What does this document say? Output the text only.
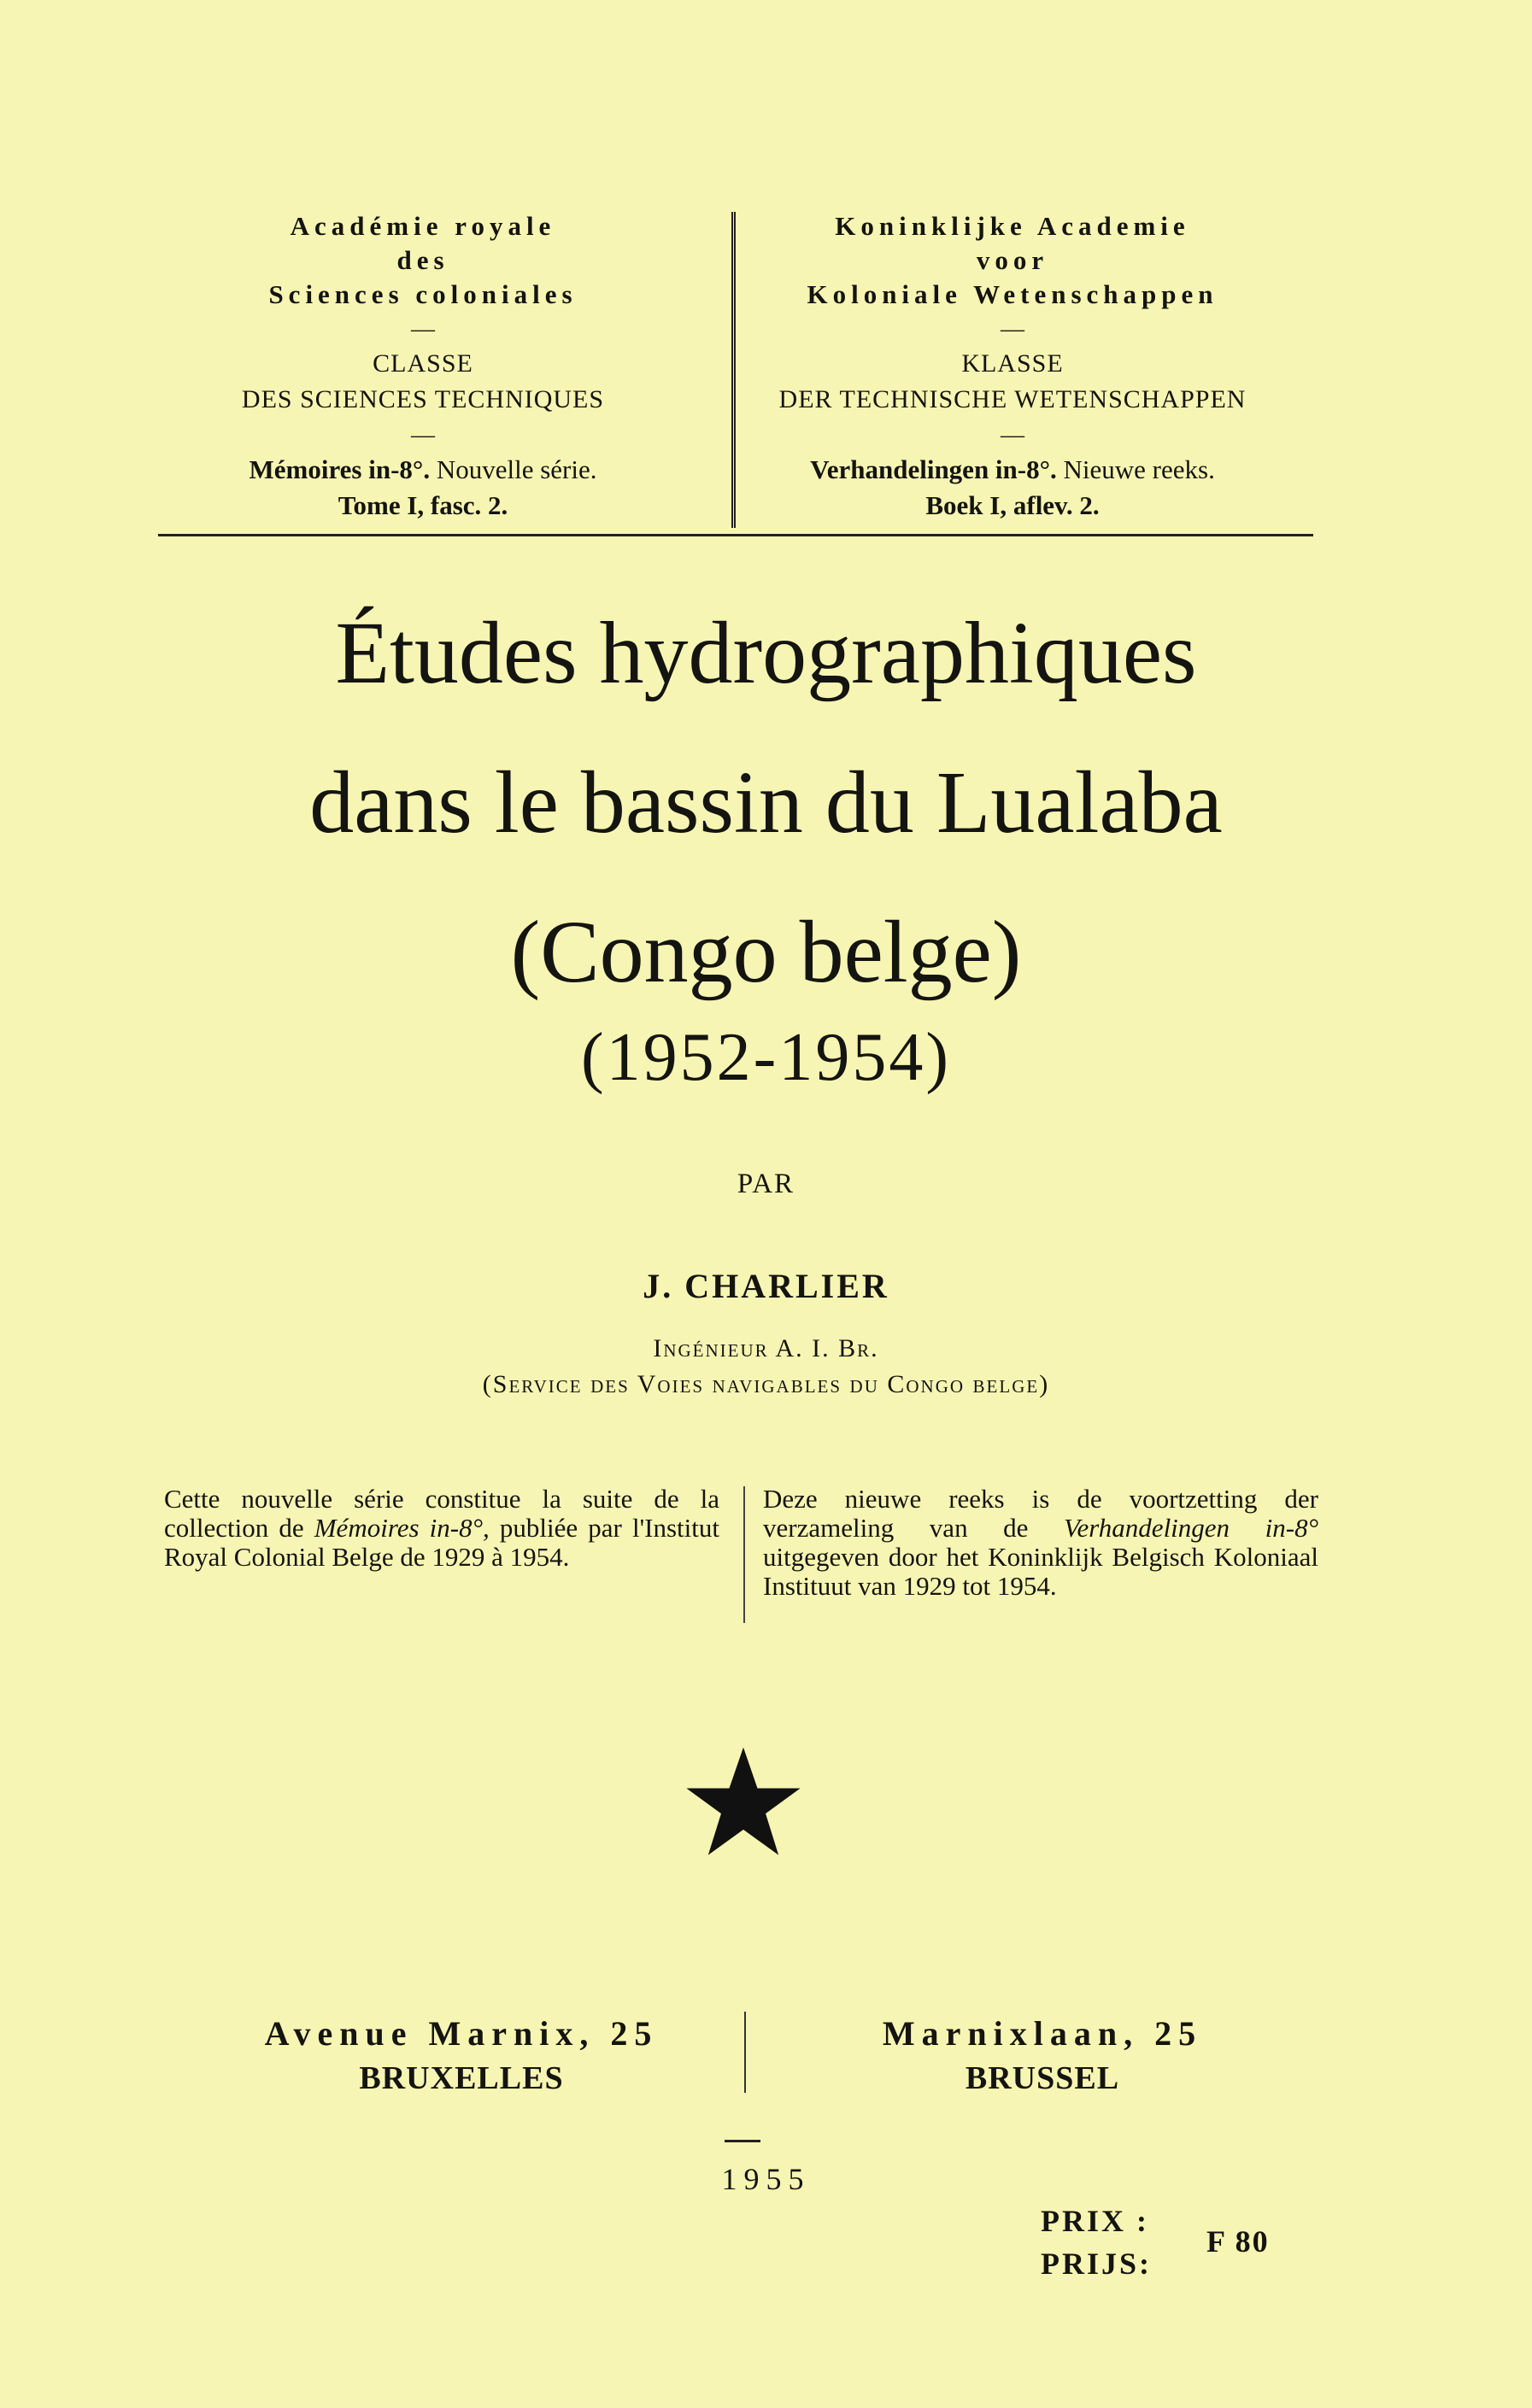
Académie royale
des
Sciences coloniales
—
CLASSE
DES SCIENCES TECHNIQUES
—
Mémoires in-8°. Nouvelle série.
Tome I, fasc. 2.
Koninklijke Academie
voor
Koloniale Wetenschappen
—
KLASSE
DER TECHNISCHE WETENSCHAPPEN
—
Verhandelingen in-8°. Nieuwe reeks.
Boek I, aflev. 2.
Études hydrographiques
dans le bassin du Lualaba
(Congo belge)
(1952-1954)
PAR
J. CHARLIER
Ingénieur A. I. Br.
(Service des Voies navigables du Congo belge)
Cette nouvelle série constitue la suite de la collection de Mémoires in-8°, publiée par l'Institut Royal Colonial Belge de 1929 à 1954.
Deze nieuwe reeks is de voortzetting der verzameling van de Verhandelingen in-8° uitgegeven door het Koninklijk Belgisch Koloniaal Instituut van 1929 tot 1954.
Avenue Marnix, 25
BRUXELLES
Marnixlaan, 25
BRUSSEL
1955
PRIX :
PRIJS:
F 80
